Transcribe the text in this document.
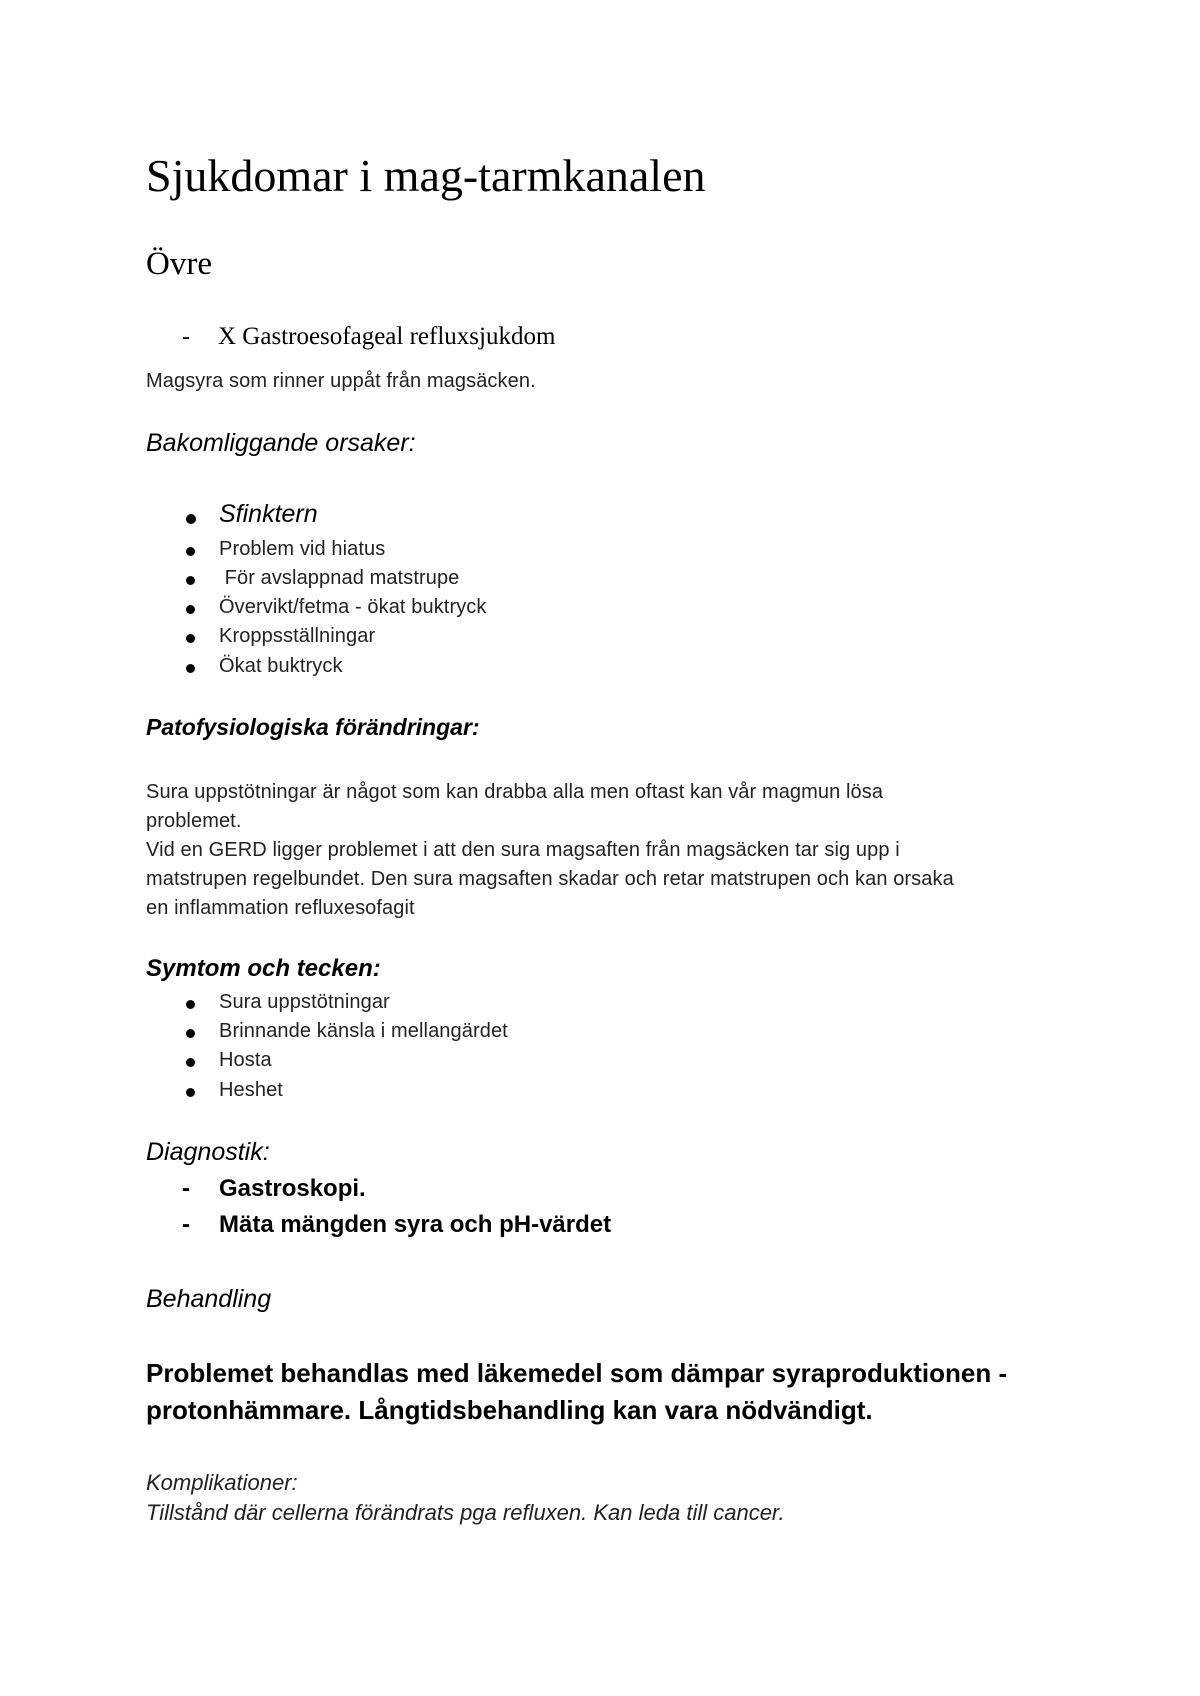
Sjukdomar i mag-tarmkanalen
Övre
- X Gastroesofageal refluxsjukdom
Magsyra som rinner uppåt från magsäcken.
Bakomliggande orsaker:
Sfinktern
Problem vid hiatus
För avslappnad matstrupe
Övervikt/fetma - ökat buktryck
Kroppsställningar
Ökat buktryck
Patofysiologiska förändringar:
Sura uppstötningar är något som kan drabba alla men oftast kan vår magmun lösa
problemet.
Vid en GERD ligger problemet i att den sura magsaften från magsäcken tar sig upp i
matstrupen regelbundet. Den sura magsaften skadar och retar matstrupen och kan orsaka
en inflammation refluxesofagit
Symtom och tecken:
Sura uppstötningar
Brinnande känsla i mellangärdet
Hosta
Heshet
Diagnostik:
- Gastroskopi.
- Mäta mängden syra och pH-värdet
Behandling
Problemet behandlas med läkemedel som dämpar syraproduktionen -
protonhämmare. Långtidsbehandling kan vara nödvändigt.
Komplikationer:
Tillstånd där cellerna förändrats pga refluxen. Kan leda till cancer.
